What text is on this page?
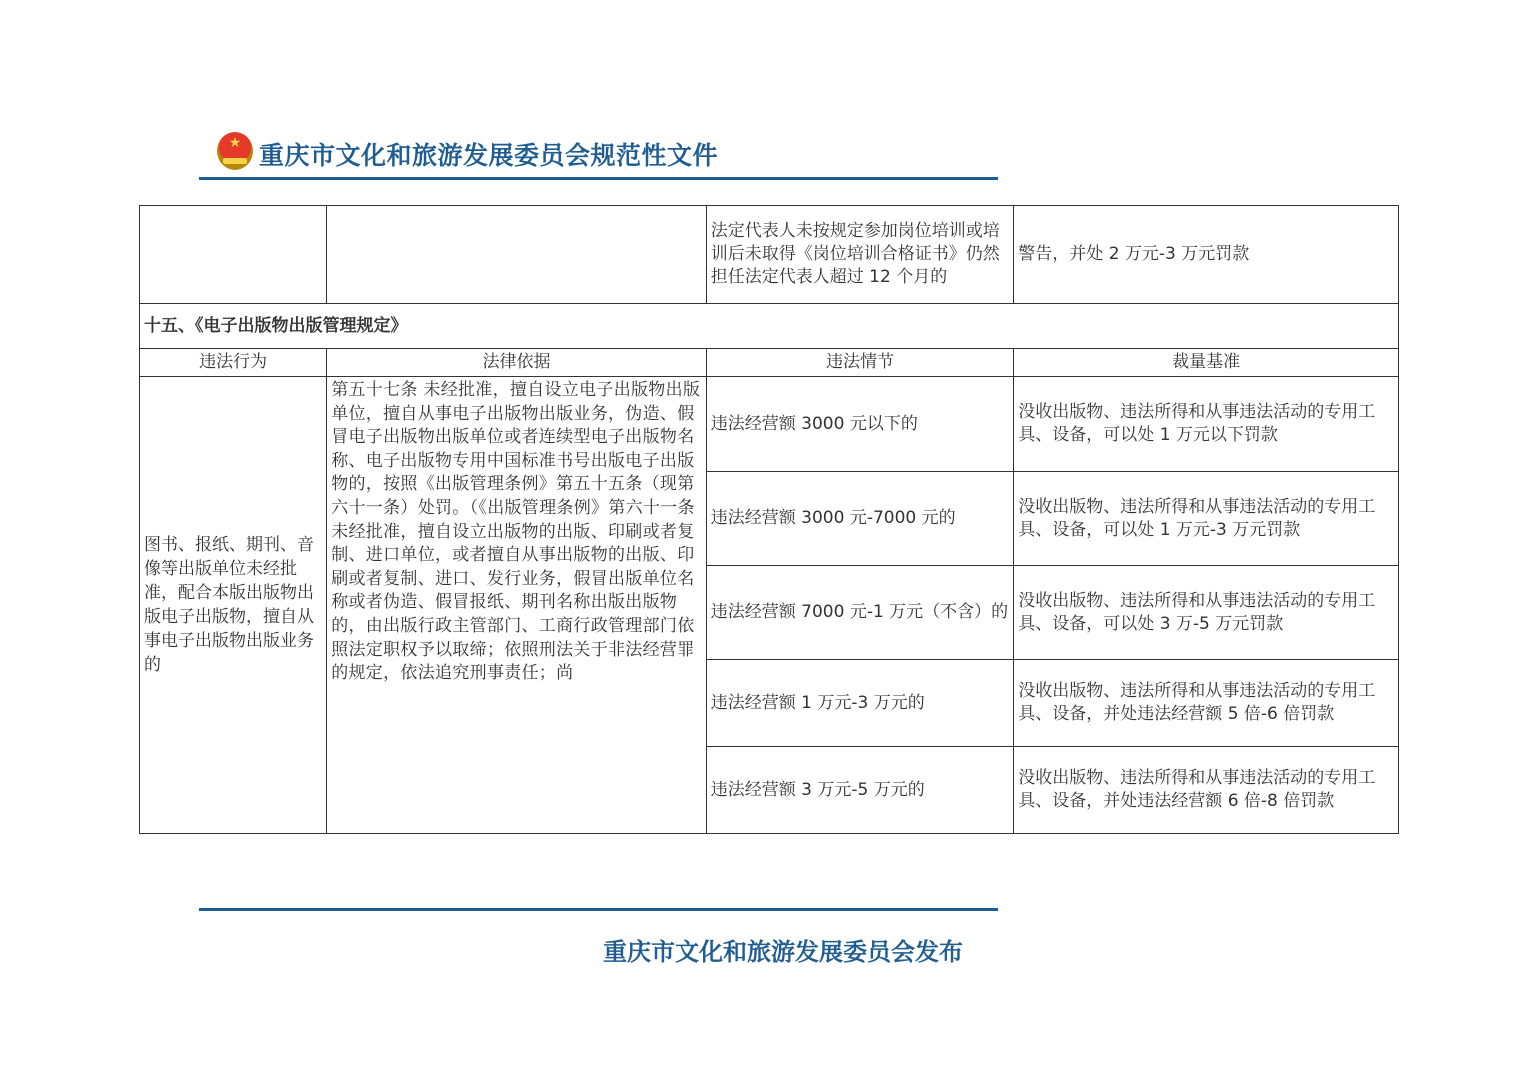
★ 重庆市文化和旅游发展委员会规范性文件
		法定代表人未按规定参加岗位培训或培训后未取得《岗位培训合格证书》仍然担任法定代表人超过 12 个月的	警告，并处 2 万元-3 万元罚款
十五、《电子出版物出版管理规定》			
违法行为	法律依据	违法情节	裁量基准
图书、报纸、期刊、音像等出版单位未经批准，配合本版出版物出版电子出版物，擅自从事电子出版物出版业务的	第五十七条 未经批准，擅自设立电子出版物出版单位，擅自从事电子出版物出版业务，伪造、假冒电子出版物出版单位或者连续型电子出版物名称、电子出版物专用中国标准书号出版电子出版物的，按照《出版管理条例》第五十五条（现第六十一条）处罚。（《出版管理条例》第六十一条 未经批准，擅自设立出版物的出版、印刷或者复制、进口单位，或者擅自从事出版物的出版、印刷或者复制、进口、发行业务，假冒出版单位名称或者伪造、假冒报纸、期刊名称出版出版物的，由出版行政主管部门、工商行政管理部门依照法定职权予以取缔；依照刑法关于非法经营罪的规定，依法追究刑事责任；尚	违法经营额 3000 元以下的	没收出版物、违法所得和从事违法活动的专用工具、设备，可以处 1 万元以下罚款
		违法经营额 3000 元-7000 元的	没收出版物、违法所得和从事违法活动的专用工具、设备，可以处 1 万元-3 万元罚款
		违法经营额 7000 元-1 万元（不含）的	没收出版物、违法所得和从事违法活动的专用工具、设备，可以处 3 万-5 万元罚款
		违法经营额 1 万元-3 万元的	没收出版物、违法所得和从事违法活动的专用工具、设备，并处违法经营额 5 倍-6 倍罚款
		违法经营额 3 万元-5 万元的	没收出版物、违法所得和从事违法活动的专用工具、设备，并处违法经营额 6 倍-8 倍罚款
重庆市文化和旅游发展委员会发布
